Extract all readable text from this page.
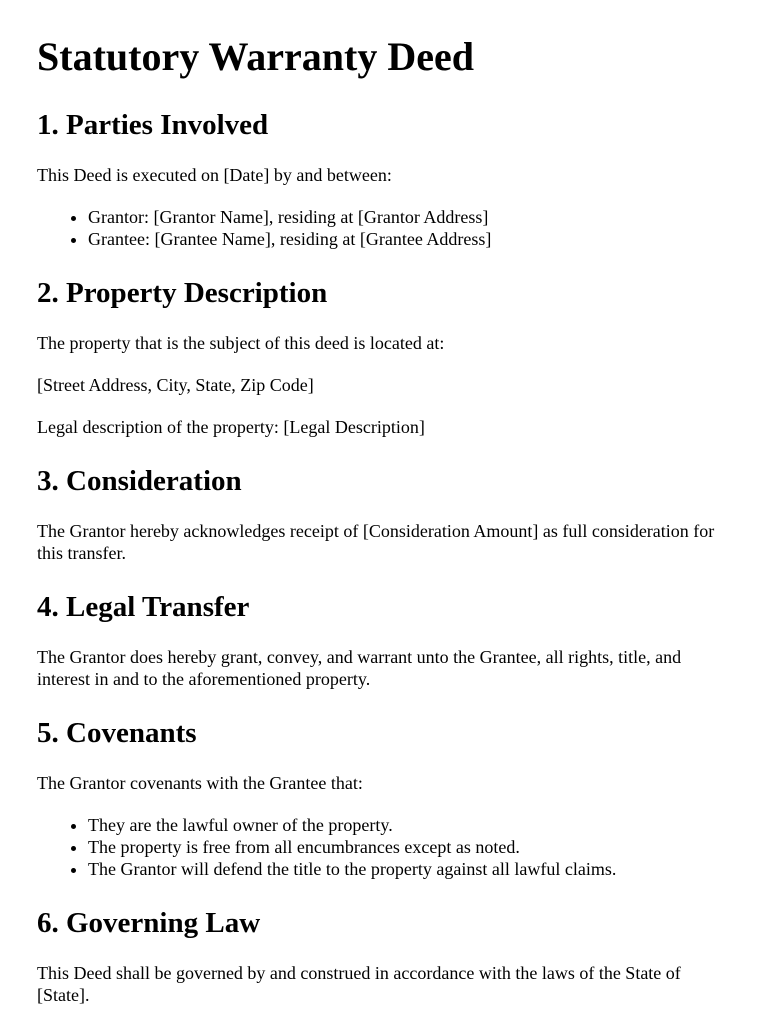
Statutory Warranty Deed
1. Parties Involved

This Deed is executed on [Date] by and between:

• Grantor: [Grantor Name], residing at [Grantor Address]
• Grantee: [Grantee Name], residing at [Grantee Address]
2. Property Description

The property that is the subject of this deed is located at:

[Street Address, City, State, Zip Code]

Legal description of the property: [Legal Description]

3. Consideration

The Grantor hereby acknowledges receipt of [Consideration Amount] as full consideration for this transfer.

4. Legal Transfer

The Grantor does hereby grant, convey, and warrant unto the Grantee, all rights, title, and interest in and to the aforementioned property.

5. Covenants

The Grantor covenants with the Grantee that:

• They are the lawful owner of the property.
• The property is free from all encumbrances except as noted.
• The Grantor will defend the title to the property against all lawful claims.
6. Governing Law

This Deed shall be governed by and construed in accordance with the laws of the State of [State].
